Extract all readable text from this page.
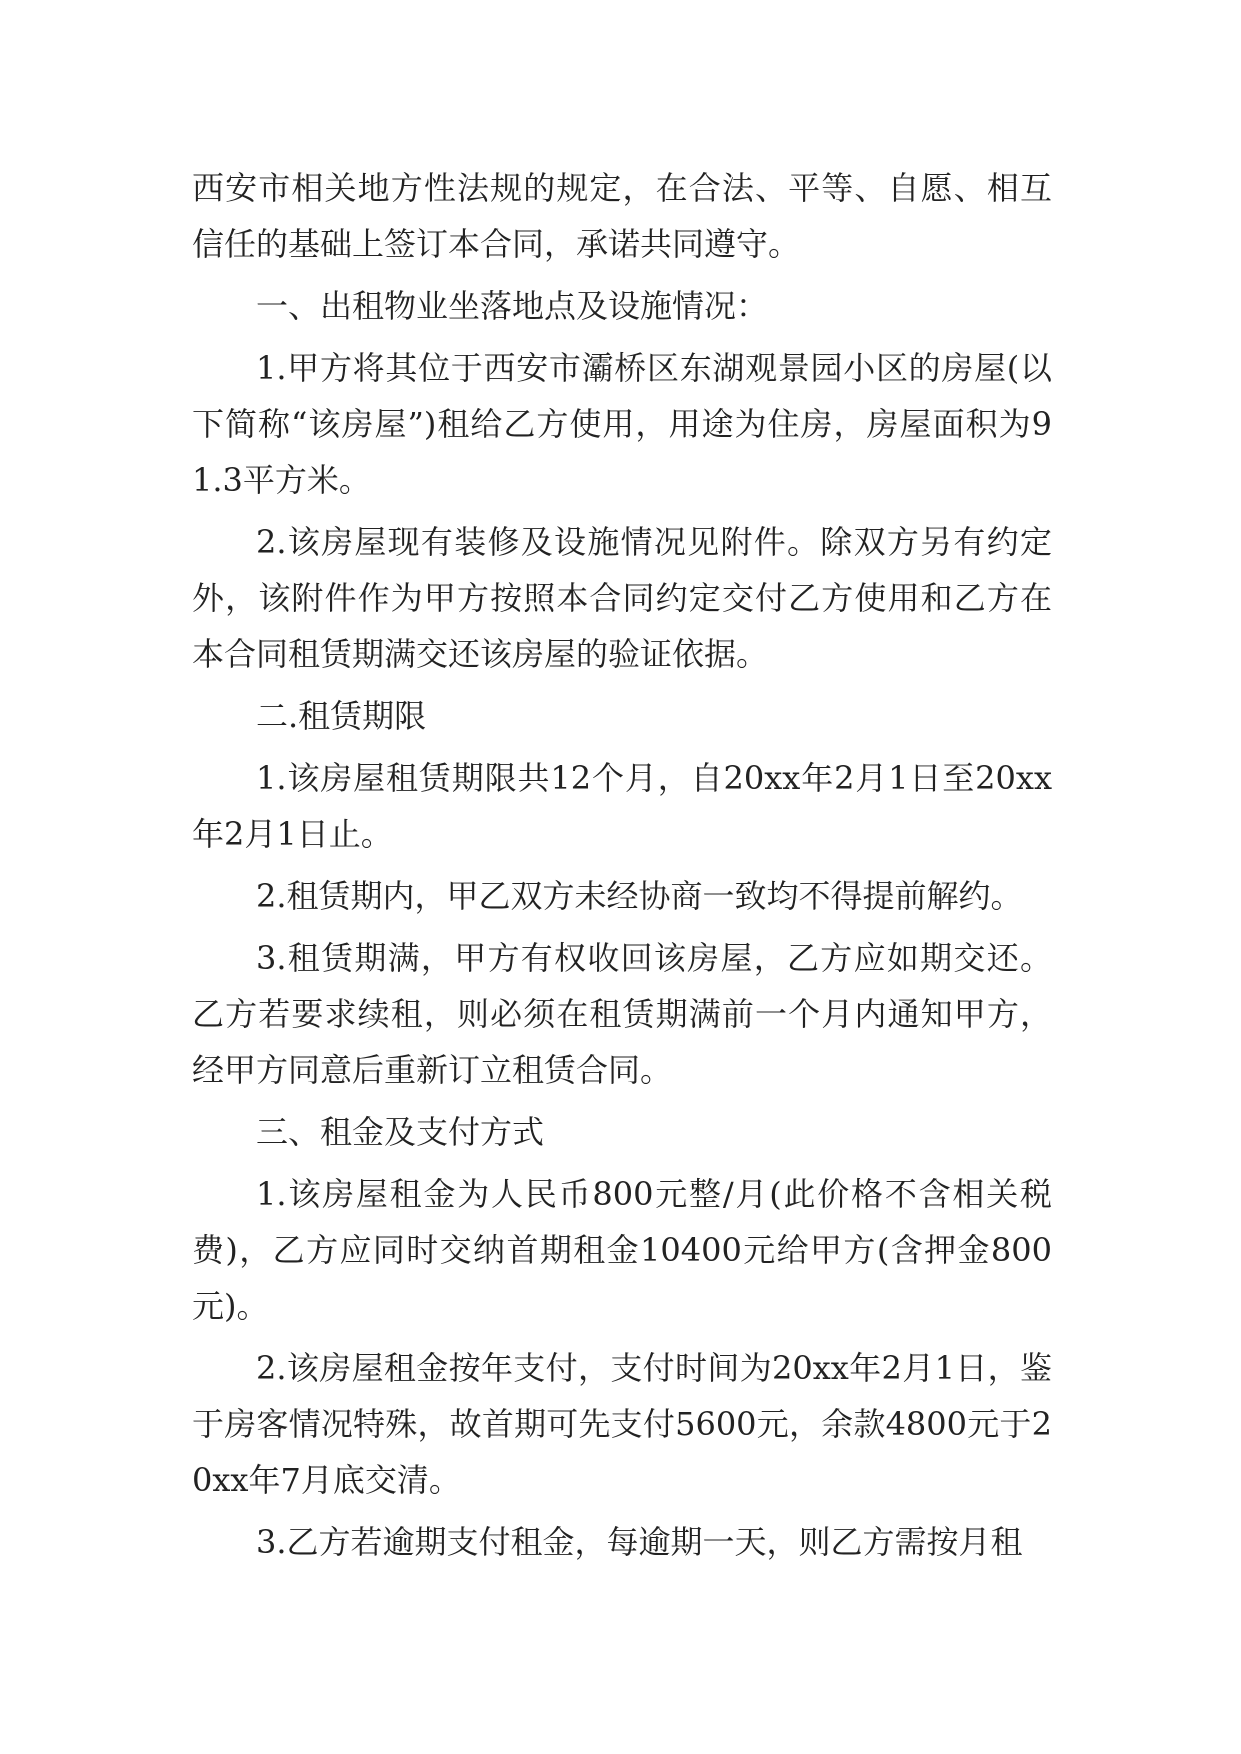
西安市相关地方性法规的规定，在合法、平等、自愿、相互信任的基础上签订本合同，承诺共同遵守。

一、出租物业坐落地点及设施情况：

1.甲方将其位于西安市灞桥区东湖观景园小区的房屋(以下简称“该房屋”)租给乙方使用，用途为住房，房屋面积为91.3平方米。

2.该房屋现有装修及设施情况见附件。除双方另有约定外，该附件作为甲方按照本合同约定交付乙方使用和乙方在本合同租赁期满交还该房屋的验证依据。

二.租赁期限

1.该房屋租赁期限共12个月，自20xx年2月1日至20xx年2月1日止。

2.租赁期内，甲乙双方未经协商一致均不得提前解约。

3.租赁期满，甲方有权收回该房屋，乙方应如期交还。乙方若要求续租，则必须在租赁期满前一个月内通知甲方，经甲方同意后重新订立租赁合同。

三、租金及支付方式

1.该房屋租金为人民币800元整/月(此价格不含相关税费)，乙方应同时交纳首期租金10400元给甲方(含押金800元)。

2.该房屋租金按年支付，支付时间为20xx年2月1日，鉴于房客情况特殊，故首期可先支付5600元，余款4800元于20xx年7月底交清。

3.乙方若逾期支付租金，每逾期一天，则乙方需按月租
